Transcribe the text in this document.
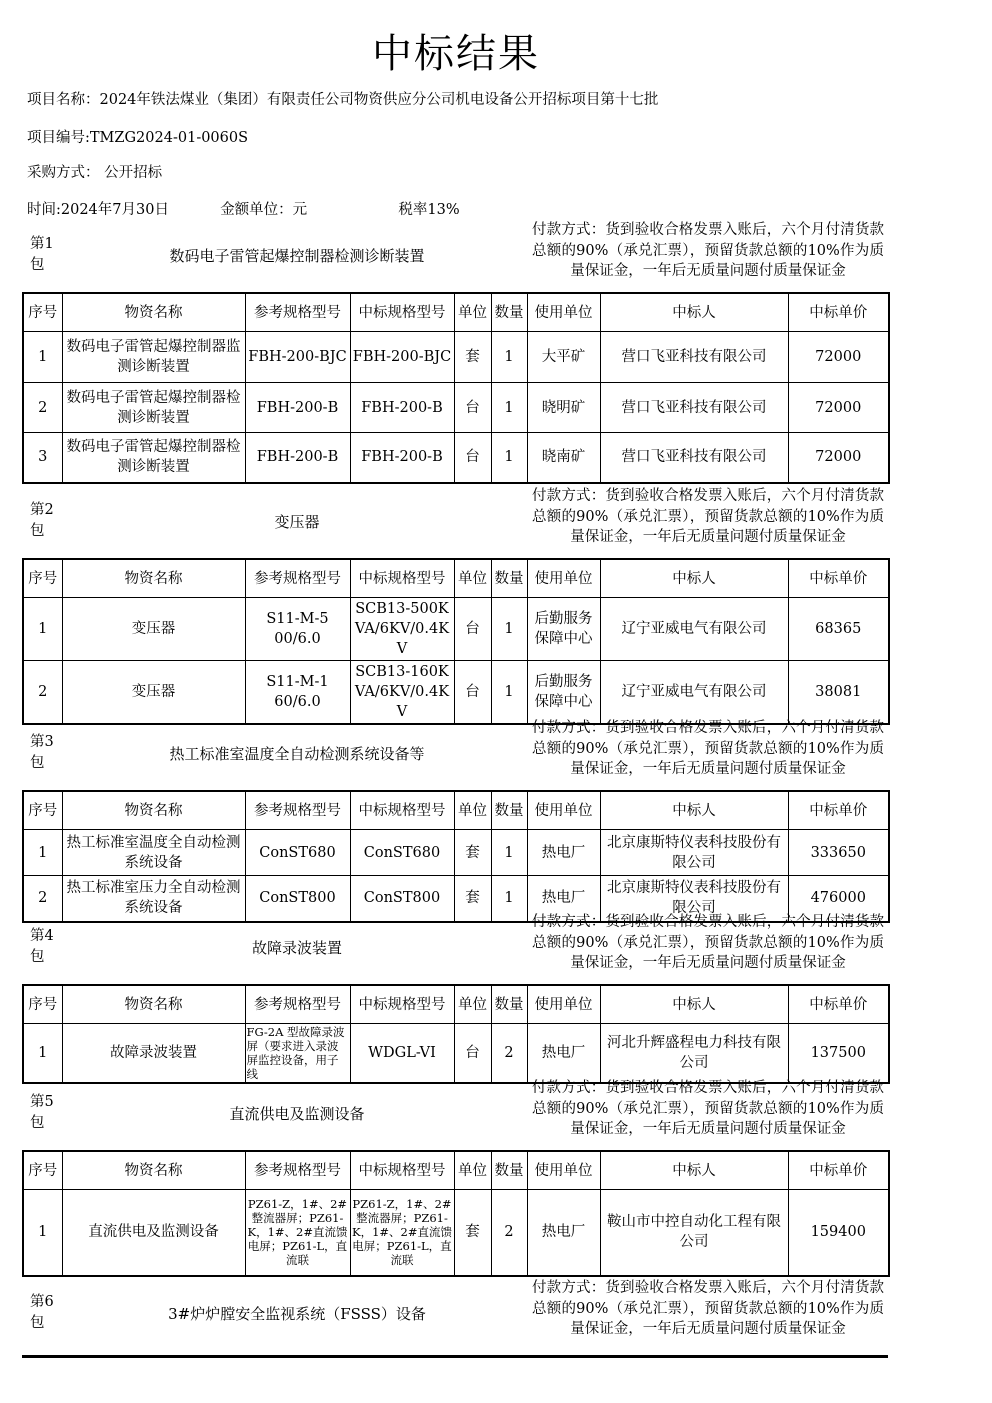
中标结果
项目名称：2024年铁法煤业（集团）有限责任公司物资供应分公司机电设备公开招标项目第十七批
项目编号:TMZG2024-01-0060S
采购方式： 公开招标
时间:2024年7月30日	金额单位：元	税率13%
第1包	数码电子雷管起爆控制器检测诊断装置
付款方式：货到验收合格发票入账后，六个月付清货款总额的90%（承兑汇票），预留货款总额的10%作为质量保证金，一年后无质量问题付质量保证金
序号	物资名称	参考规格型号	中标规格型号	单位	数量	使用单位	中标人	中标单价
1	数码电子雷管起爆控制器监测诊断装置	FBH-200-BJC	FBH-200-BJC	套	1	大平矿	营口飞亚科技有限公司	72000
2	数码电子雷管起爆控制器检测诊断装置	FBH-200-B	FBH-200-B	台	1	晓明矿	营口飞亚科技有限公司	72000
3	数码电子雷管起爆控制器检测诊断装置	FBH-200-B	FBH-200-B	台	1	晓南矿	营口飞亚科技有限公司	72000
第2包	变压器
付款方式：货到验收合格发票入账后，六个月付清货款总额的90%（承兑汇票），预留货款总额的10%作为质量保证金，一年后无质量问题付质量保证金
序号	物资名称	参考规格型号	中标规格型号	单位	数量	使用单位	中标人	中标单价
1	变压器	S11-M-500/6.0	SCB13-500KVA/6KV/0.4KV	台	1	后勤服务保障中心	辽宁亚威电气有限公司	68365
2	变压器	S11-M-160/6.0	SCB13-160KVA/6KV/0.4KV	台	1	后勤服务保障中心	辽宁亚威电气有限公司	38081
第3包	热工标准室温度全自动检测系统设备等
付款方式：货到验收合格发票入账后，六个月付清货款总额的90%（承兑汇票），预留货款总额的10%作为质量保证金，一年后无质量问题付质量保证金
序号	物资名称	参考规格型号	中标规格型号	单位	数量	使用单位	中标人	中标单价
1	热工标准室温度全自动检测系统设备	ConST680	ConST680	套	1	热电厂	北京康斯特仪表科技股份有限公司	333650
2	热工标准室压力全自动检测系统设备	ConST800	ConST800	套	1	热电厂	北京康斯特仪表科技股份有限公司	476000
第4包	故障录波装置
付款方式：货到验收合格发票入账后，六个月付清货款总额的90%（承兑汇票），预留货款总额的10%作为质量保证金，一年后无质量问题付质量保证金
序号	物资名称	参考规格型号	中标规格型号	单位	数量	使用单位	中标人	中标单价
1	故障录波装置	FG-2A 型故障录波屏（要求进入录波屏监控设备，用子线	WDGL-VI	台	2	热电厂	河北升辉盛程电力科技有限公司	137500
第5包	直流供电及监测设备
付款方式：货到验收合格发票入账后，六个月付清货款总额的90%（承兑汇票），预留货款总额的10%作为质量保证金，一年后无质量问题付质量保证金
序号	物资名称	参考规格型号	中标规格型号	单位	数量	使用单位	中标人	中标单价
1	直流供电及监测设备	PZ61-Z，1#、2#整流器屏；PZ61-K，1#、2#直流馈电屏；PZ61-L，直流联	PZ61-Z，1#、2#整流器屏；PZ61-K，1#、2#直流馈电屏；PZ61-L，直流联	套	2	热电厂	鞍山市中控自动化工程有限公司	159400
第6包	3#炉炉膛安全监视系统（FSSS）设备
付款方式：货到验收合格发票入账后，六个月付清货款总额的90%（承兑汇票），预留货款总额的10%作为质量保证金，一年后无质量问题付质量保证金
